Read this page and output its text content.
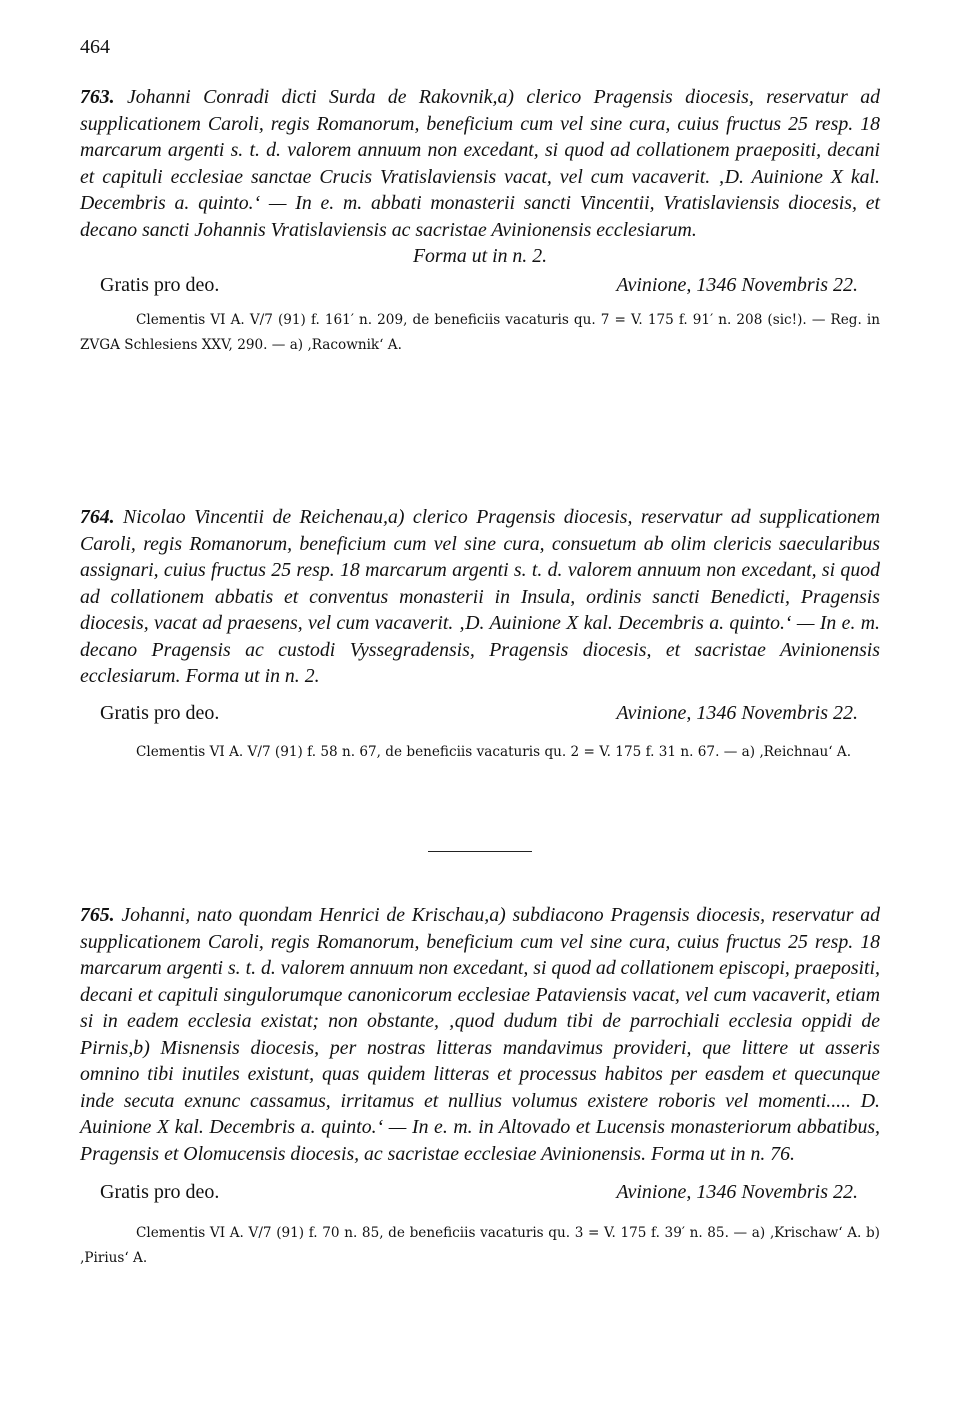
464

763. Johanni Conradi dicti Surda de Rakovnik,a) clerico Pragensis diocesis, reservatur ad supplicationem Caroli, regis Romanorum, beneficium cum vel sine cura, cuius fructus 25 resp. 18 marcarum argenti s. t. d. valorem annuum non excedant, si quod ad collationem praepositi, decani et capituli ecclesiae sanctae Crucis Vratislaviensis vacat, vel cum vacaverit. ‚D. Auinione X kal. Decembris a. quinto.‘ — In e. m. abbati monasterii sancti Vincentii, Vratislaviensis diocesis, et decano sancti Johannis Vratislaviensis ac sacristae Avinionensis ecclesiarum.

Forma ut in n. 2.
Gratis pro deo.	Avinione, 1346 Novembris 22.

Clementis VI A. V/7 (91) f. 161′ n. 209, de beneficiis vacaturis qu. 7 = V. 175 f. 91′ n. 208 (sic!). — Reg. in ZVGA Schlesiens XXV, 290. — a) ‚Racownik‘ A.

764. Nicolao Vincentii de Reichenau,a) clerico Pragensis diocesis, reservatur ad supplicationem Caroli, regis Romanorum, beneficium cum vel sine cura, consuetum ab olim clericis saecularibus assignari, cuius fructus 25 resp. 18 marcarum argenti s. t. d. valorem annuum non excedant, si quod ad collationem abbatis et conventus monasterii in Insula, ordinis sancti Benedicti, Pragensis diocesis, vacat ad praesens, vel cum vacaverit. ‚D. Auinione X kal. Decembris a. quinto.‘ — In e. m. decano Pragensis ac custodi Vyssegradensis, Pragensis diocesis, et sacristae Avinionensis ecclesiarum. Forma ut in n. 2.

Gratis pro deo.	Avinione, 1346 Novembris 22.

Clementis VI A. V/7 (91) f. 58 n. 67, de beneficiis vacaturis qu. 2 = V. 175 f. 31 n. 67. — a) ‚Reichnau‘ A.

765. Johanni, nato quondam Henrici de Krischau,a) subdiacono Pragensis diocesis, reservatur ad supplicationem Caroli, regis Romanorum, beneficium cum vel sine cura, cuius fructus 25 resp. 18 marcarum argenti s. t. d. valorem annuum non excedant, si quod ad collationem episcopi, praepositi, decani et capituli singulorumque canonicorum ecclesiae Pataviensis vacat, vel cum vacaverit, etiam si in eadem ecclesia existat; non obstante, ‚quod dudum tibi de parrochiali ecclesia oppidi de Pirnis,b) Misnensis diocesis, per nostras litteras mandavimus provideri, que littere ut asseris omnino tibi inutiles existunt, quas quidem litteras et processus habitos per easdem et quecunque inde secuta exnunc cassamus, irritamus et nullius volumus existere roboris vel momenti..... D. Auinione X kal. Decembris a. quinto.‘ — In e. m. in Altovado et Lucensis monasteriorum abbatibus, Pragensis et Olomucensis diocesis, ac sacristae ecclesiae Avinionensis. Forma ut in n. 76.

Gratis pro deo.	Avinione, 1346 Novembris 22.

Clementis VI A. V/7 (91) f. 70 n. 85, de beneficiis vacaturis qu. 3 = V. 175 f. 39′ n. 85. — a) ‚Krischaw‘ A. b) ‚Pirius‘ A.
